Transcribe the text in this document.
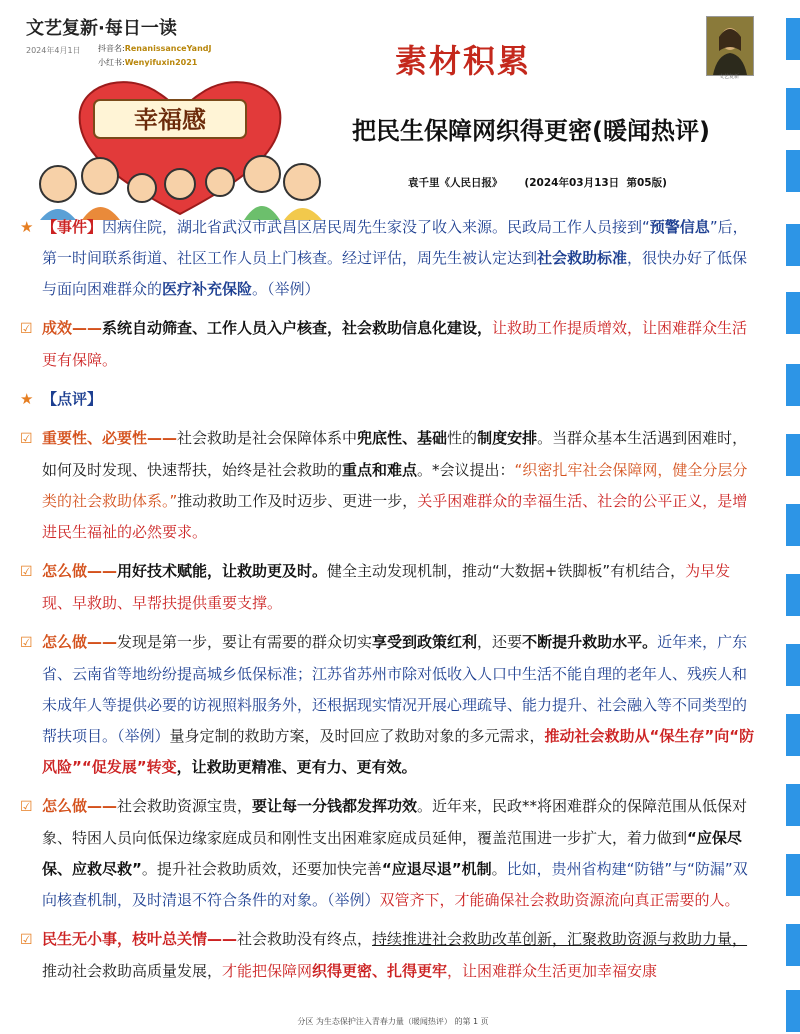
文艺复新·每日一读
2024年4月1日 抖音名:RenanissanceYandJ
小红书:Wenyifuxin2021	素材积累	文艺复新
幸福感	把民生保障网织得更密(暖闻热评)
袁千里《人民日报》      (2024年03月13日  第05版)
★ 【事件】因病住院，湖北省武汉市武昌区居民周先生家没了收入来源。民政局工作人员接到“预警信息”后，第一时间联系街道、社区工作人员上门核查。经过评估，周先生被认定达到社会救助标准，很快办好了低保与面向困难群众的医疗补充保险。（举例）
☑ 成效——系统自动筛查、工作人员入户核查，社会救助信息化建设，让救助工作提质增效，让困难群众生活更有保障。
★ 【点评】
☑ 重要性、必要性——社会救助是社会保障体系中兜底性、基础性的制度安排。当群众基本生活遇到困难时，如何及时发现、快速帮扶，始终是社会救助的重点和难点。*会议提出：“织密扎牢社会保障网，健全分层分类的社会救助体系。”推动救助工作及时迈步、更进一步，关乎困难群众的幸福生活、社会的公平正义，是增进民生福祉的必然要求。
☑ 怎么做——用好技术赋能，让救助更及时。健全主动发现机制，推动“大数据+铁脚板”有机结合，为早发现、早救助、早帮扶提供重要支撑。
☑ 怎么做——发现是第一步，要让有需要的群众切实享受到政策红利，还要不断提升救助水平。近年来，广东省、云南省等地纷纷提高城乡低保标准；江苏省苏州市除对低收入人口中生活不能自理的老年人、残疾人和未成年人等提供必要的访视照料服务外，还根据现实情况开展心理疏导、能力提升、社会融入等不同类型的帮扶项目。（举例）量身定制的救助方案，及时回应了救助对象的多元需求，推动社会救助从“保生存”向“防风险”“促发展”转变，让救助更精准、更有力、更有效。
☑ 怎么做——社会救助资源宝贵，要让每一分钱都发挥功效。近年来，民政**将困难群众的保障范围从低保对象、特困人员向低保边缘家庭成员和刚性支出困难家庭成员延伸，覆盖范围进一步扩大，着力做到“应保尽保、应救尽救”。提升社会救助质效，还要加快完善“应退尽退”机制。比如，贵州省构建“防错”与“防漏”双向核查机制，及时清退不符合条件的对象。（举例）双管齐下，才能确保社会救助资源流向真正需要的人。
☑ 民生无小事，枝叶总关情——社会救助没有终点，持续推进社会救助改革创新，汇聚救助资源与救助力量，推动社会救助高质量发展，才能把保障网织得更密、扎得更牢，让困难群众生活更加幸福安康
分区 为生态保护注入青春力量（暖闻热评） 的第 1 页
